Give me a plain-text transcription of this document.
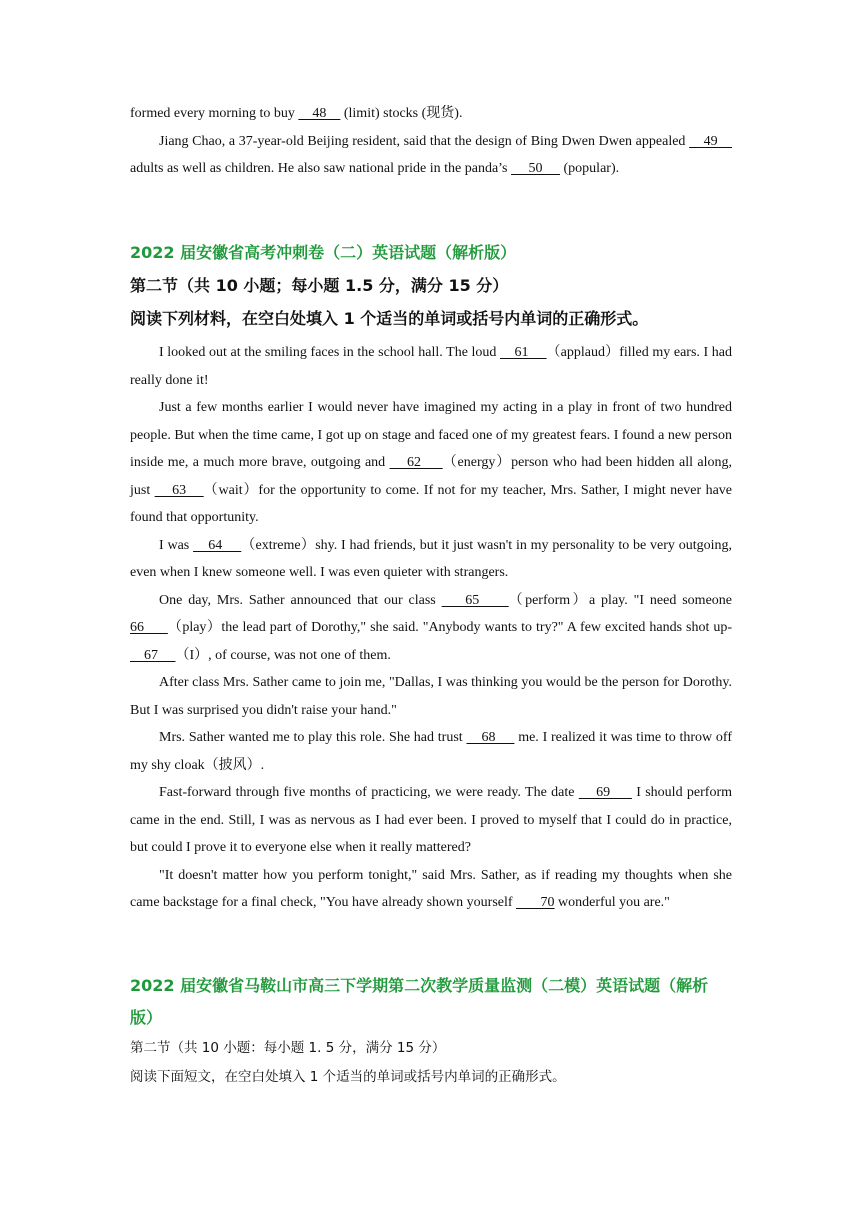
formed every morning to buy     48     (limit) stocks (现货).

Jiang Chao, a 37-year-old Beijing resident, said that the design of Bing Dwen Dwen appealed     49     adults as well as children. He also saw national pride in the panda’s      50      (popular).

2022 届安徽省高考冲刺卷（二）英语试题（解析版）

第二节（共 10 小题；每小题 1.5 分，满分 15 分）

阅读下列材料，在空白处填入 1 个适当的单词或括号内单词的正确形式。

I looked out at the smiling faces in the school hall. The loud     61     （applaud）filled my ears. I had really done it!

Just a few months earlier I would never have imagined my acting in a play in front of two hundred people. But when the time came, I got up on stage and faced one of my greatest fears. I found a new person inside me, a much more brave, outgoing and     62     （energy）person who had been hidden all along, just     63    （wait）for the opportunity to come. If not for my teacher, Mrs. Sather, I might never have found that opportunity.

I was     64     （extreme）shy. I had friends, but it just wasn't in my personality to be very outgoing, even when I knew someone well. I was even quieter with strangers.

One day, Mrs. Sather announced that our class     65     （perform）a play. "I need someone 66      （play）the lead part of Dorothy," she said. "Anybody wants to try?" A few excited hands shot up-    67     （I）, of course, was not one of them.

After class Mrs. Sather came to join me, "Dallas, I was thinking you would be the person for Dorothy. But I was surprised you didn't raise your hand."

Mrs. Sather wanted me to play this role. She had trust     68      me. I realized it was time to throw off my shy cloak（披风）.

Fast-forward through five months of practicing, we were ready. The date     69      I should perform came in the end. Still, I was as nervous as I had ever been. I proved to myself that I could do in practice, but could I prove it to everyone else when it really mattered?

"It doesn't matter how you perform tonight," said Mrs. Sather, as if reading my thoughts when she came backstage for a final check, "You have already shown yourself        70 wonderful you are."

2022 届安徽省马鞍山市高三下学期第二次教学质量监测（二模）英语试题（解析版）

第二节（共 10 小题：每小题 1. 5 分，满分 15 分）

阅读下面短文，在空白处填入 1 个适当的单词或括号内单词的正确形式。
